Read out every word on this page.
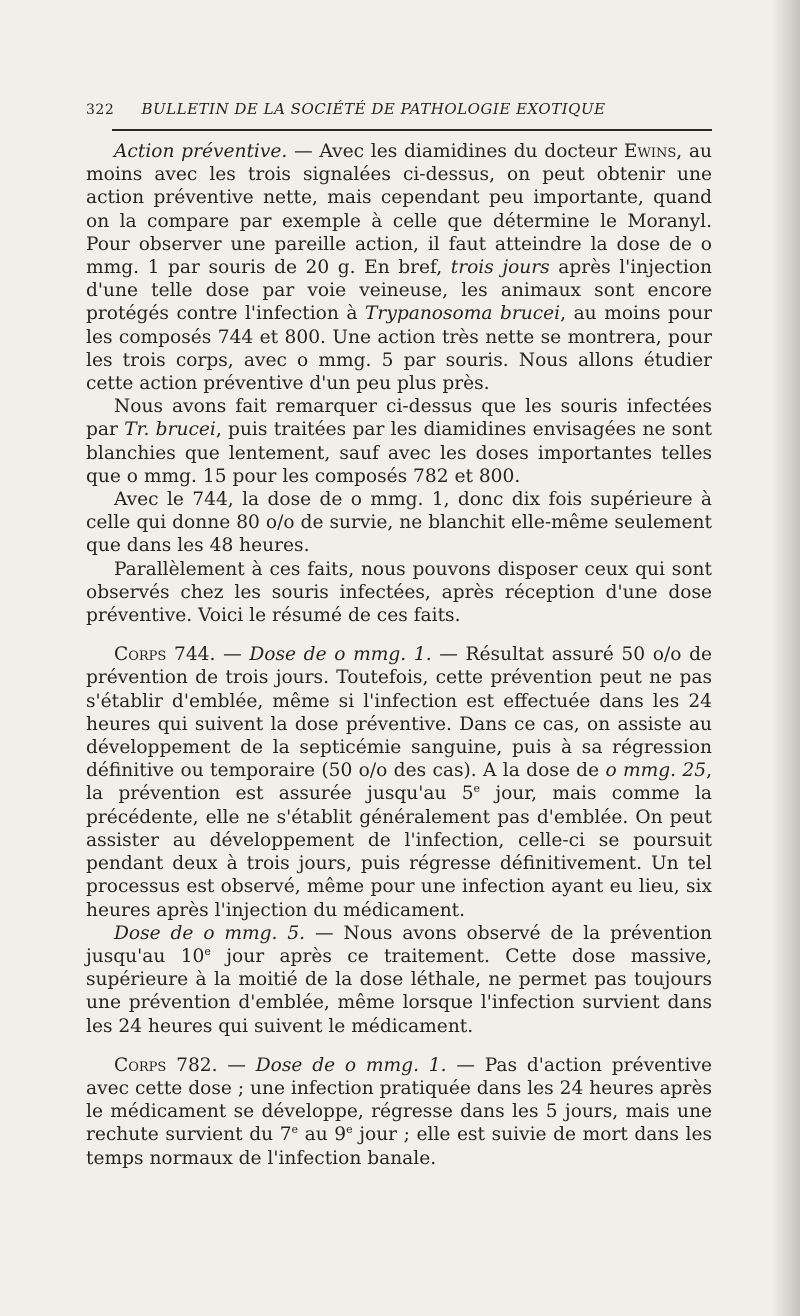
322 BULLETIN DE LA SOCIÉTÉ DE PATHOLOGIE EXOTIQUE

Action préventive. — Avec les diamidines du docteur Ewins, au moins avec les trois signalées ci-dessus, on peut obtenir une action préventive nette, mais cependant peu importante, quand on la compare par exemple à celle que détermine le Moranyl. Pour observer une pareille action, il faut atteindre la dose de o mmg. 1 par souris de 20 g. En bref, trois jours après l'injection d'une telle dose par voie veineuse, les animaux sont encore protégés contre l'infection à Trypanosoma brucei, au moins pour les composés 744 et 800. Une action très nette se montrera, pour les trois corps, avec o mmg. 5 par souris. Nous allons étudier cette action préventive d'un peu plus près.

Nous avons fait remarquer ci-dessus que les souris infectées par Tr. brucei, puis traitées par les diamidines envisagées ne sont blanchies que lentement, sauf avec les doses importantes telles que o mmg. 15 pour les composés 782 et 800.

Avec le 744, la dose de o mmg. 1, donc dix fois supérieure à celle qui donne 80 o/o de survie, ne blanchit elle-même seulement que dans les 48 heures.

Parallèlement à ces faits, nous pouvons disposer ceux qui sont observés chez les souris infectées, après réception d'une dose préventive. Voici le résumé de ces faits.

Corps 744. — Dose de o mmg. 1. — Résultat assuré 50 o/o de prévention de trois jours. Toutefois, cette prévention peut ne pas s'établir d'emblée, même si l'infection est effectuée dans les 24 heures qui suivent la dose préventive. Dans ce cas, on assiste au développement de la septicémie sanguine, puis à sa régression définitive ou temporaire (50 o/o des cas). A la dose de o mmg. 25, la prévention est assurée jusqu'au 5e jour, mais comme la précédente, elle ne s'établit généralement pas d'emblée. On peut assister au développement de l'infection, celle-ci se poursuit pendant deux à trois jours, puis régresse définitivement. Un tel processus est observé, même pour une infection ayant eu lieu, six heures après l'injection du médicament.

Dose de o mmg. 5. — Nous avons observé de la prévention jusqu'au 10e jour après ce traitement. Cette dose massive, supérieure à la moitié de la dose léthale, ne permet pas toujours une prévention d'emblée, même lorsque l'infection survient dans les 24 heures qui suivent le médicament.

Corps 782. — Dose de o mmg. 1. — Pas d'action préventive avec cette dose ; une infection pratiquée dans les 24 heures après le médicament se développe, régresse dans les 5 jours, mais une rechute survient du 7e au 9e jour ; elle est suivie de mort dans les temps normaux de l'infection banale.
